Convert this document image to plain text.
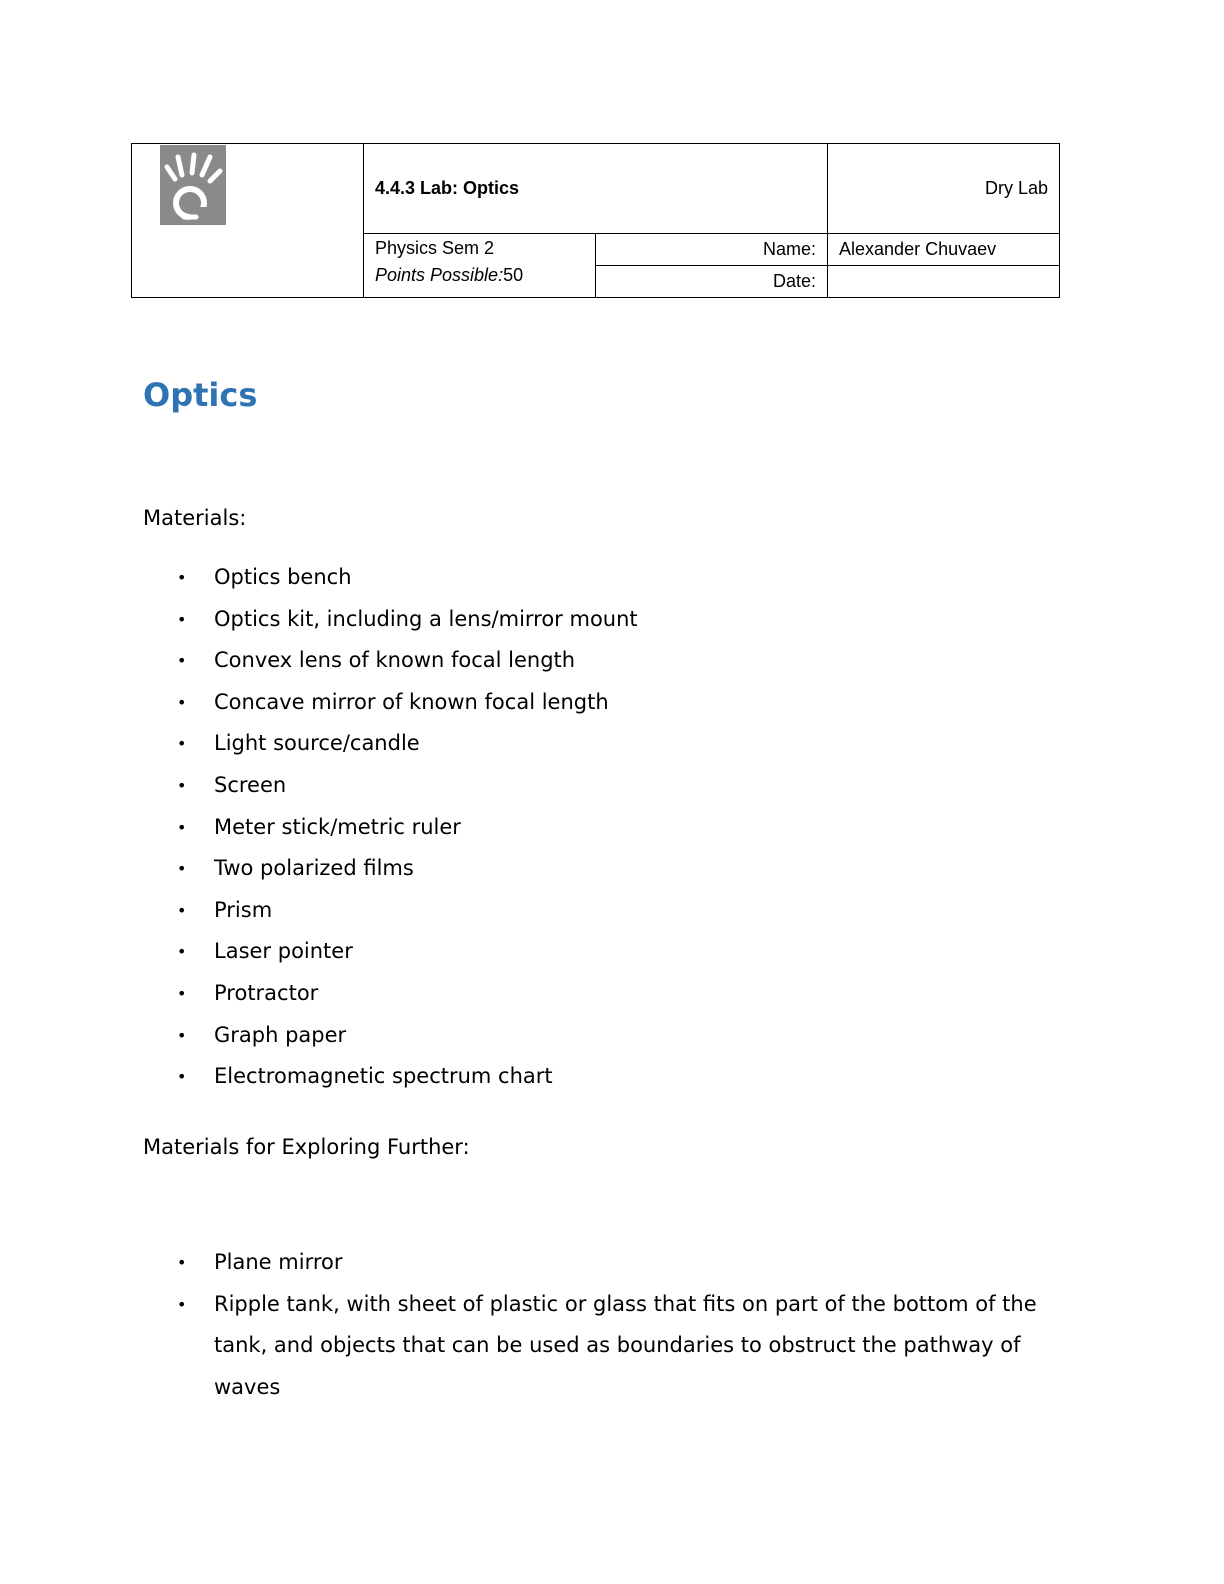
	4.4.3 Lab: Optics		Dry Lab

	Physics Sem 2
Points Possible:50	Name:	Alexander Chuvaev
		Date:	
Optics

Materials:

• Optics bench
• Optics kit, including a lens/mirror mount
• Convex lens of known focal length
• Concave mirror of known focal length
• Light source/candle
• Screen
• Meter stick/metric ruler
• Two polarized films
• Prism
• Laser pointer
• Protractor
• Graph paper
• Electromagnetic spectrum chart

Materials for Exploring Further:

• Plane mirror
• Ripple tank, with sheet of plastic or glass that fits on part of the bottom of the tank, and objects that can be used as boundaries to obstruct the pathway of waves
